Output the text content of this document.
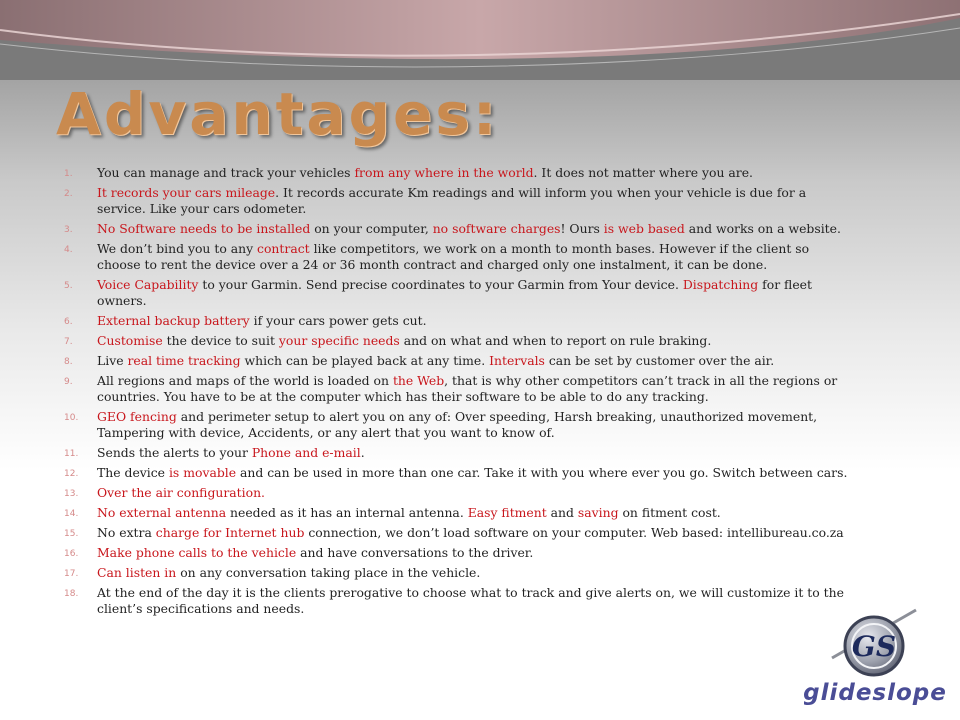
Advantages:
1. You can manage and track your vehicles from any where in the world. It does not matter where you are.
2. It records your cars mileage. It records accurate Km readings and will inform you when your vehicle is due for a service. Like your cars odometer.
3. No Software needs to be installed on your computer, no software charges! Ours is web based and works on a website.
4. We don’t bind you to any contract like competitors, we work on a month to month bases. However if the client so choose to rent the device over a 24 or 36 month contract and charged only one instalment, it can be done.
5. Voice Capability to your Garmin. Send precise coordinates to your Garmin from Your device. Dispatching for fleet owners.
6. External backup battery if your cars power gets cut.
7. Customise the device to suit your specific needs and on what and when to report on rule braking.
8. Live real time tracking which can be played back at any time. Intervals can be set by customer over the air.
9. All regions and maps of the world is loaded on the Web, that is why other competitors can’t track in all the regions or countries. You have to be at the computer which has their software to be able to do any tracking.
10. GEO fencing and perimeter setup to alert you on any of: Over speeding, Harsh breaking, unauthorized movement, Tampering with device, Accidents, or any alert that you want to know of.
11. Sends the alerts to your Phone and e-mail.
12. The device is movable and can be used in more than one car. Take it with you where ever you go. Switch between cars.
13. Over the air configuration.
14. No external antenna needed as it has an internal antenna. Easy fitment and saving on fitment cost.
15. No extra charge for Internet hub connection, we don’t load software on your computer. Web based: intellibureau.co.za
16. Make phone calls to the vehicle and have conversations to the driver.
17. Can listen in on any conversation taking place in the vehicle.
18. At the end of the day it is the clients prerogative to choose what to track and give alerts on, we will customize it to the client’s specifications and needs.
GS
glideslope
